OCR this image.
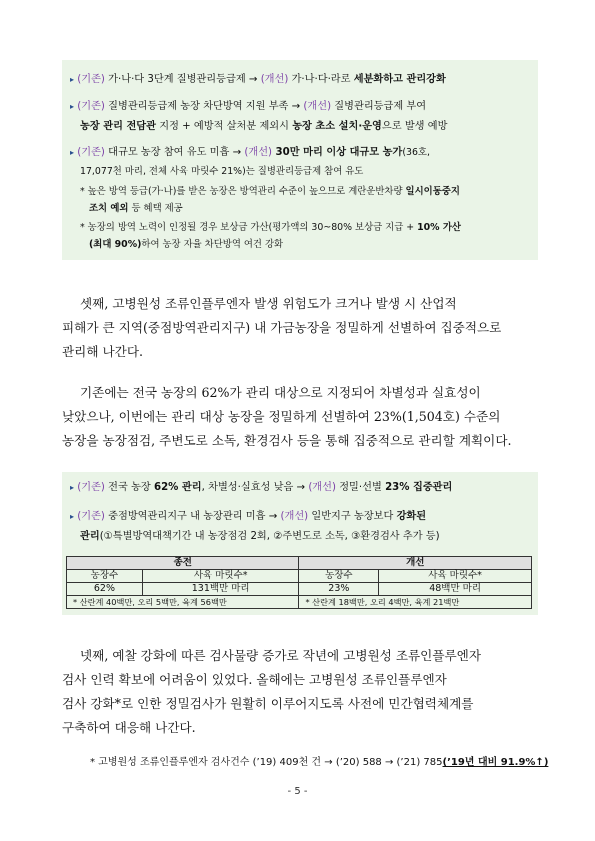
▸ (기존) 가·나·다 3단계 질병관리등급제 → (개선) 가·나·다·라로 세분화하고 관리강화
▸ (기존) 질병관리등급제 농장 차단방역 지원 부족 → (개선) 질병관리등급제 부여
농장 관리 전담관 지정 + 예방적 살처분 제외시 농장 초소 설치·운영으로 발생 예방
▸ (기존) 대규모 농장 참여 유도 미흡 → (개선) 30만 마리 이상 대규모 농가(36호,
17,077천 마리, 전체 사육 마릿수 21%)는 질병관리등급제 참여 유도
* 높은 방역 등급(가·나)를 받은 농장은 방역관리 수준이 높으므로 계란운반차량 일시이동중지
조치 예외 등 혜택 제공
* 농장의 방역 노력이 인정될 경우 보상금 가산(평가액의 30~80% 보상금 지급 + 10% 가산
(최대 90%)하여 농장 자율 차단방역 여건 강화
셋째, 고병원성 조류인플루엔자 발생 위험도가 크거나 발생 시 산업적
피해가 큰 지역(중점방역관리지구) 내 가금농장을 정밀하게 선별하여 집중적으로
관리해 나간다.
기존에는 전국 농장의 62%가 관리 대상으로 지정되어 차별성과 실효성이
낮았으나, 이번에는 관리 대상 농장을 정밀하게 선별하여 23%(1,504호) 수준의
농장을 농장점검, 주변도로 소독, 환경검사 등을 통해 집중적으로 관리할 계획이다.
▸ (기존) 전국 농장 62% 관리, 차별성·실효성 낮음 → (개선) 정밀·선별 23% 집중관리
▸ (기존) 중점방역관리지구 내 농장관리 미흡 → (개선) 일반지구 농장보다 강화된
관리(①특별방역대책기간 내 농장점검 2회, ②주변도로 소독, ③환경검사 추가 등)
종전		개선	
농장수	사육 마릿수*	농장수	사육 마릿수*
62%	131백만 마리	23%	48백만 마리
* 산란계 40백만, 오리 5백만, 육계 56백만		* 산란계 18백만, 오리 4백만, 육계 21백만	
넷째, 예찰 강화에 따른 검사물량 증가로 작년에 고병원성 조류인플루엔자
검사 인력 확보에 어려움이 있었다. 올해에는 고병원성 조류인플루엔자
검사 강화*로 인한 정밀검사가 원활히 이루어지도록 사전에 민간협력체계를
구축하여 대응해 나간다.
* 고병원성 조류인플루엔자 검사건수 (’19) 409천 건 → (’20) 588 → (’21) 785(’19년 대비 91.9%↑)
- 5 -
